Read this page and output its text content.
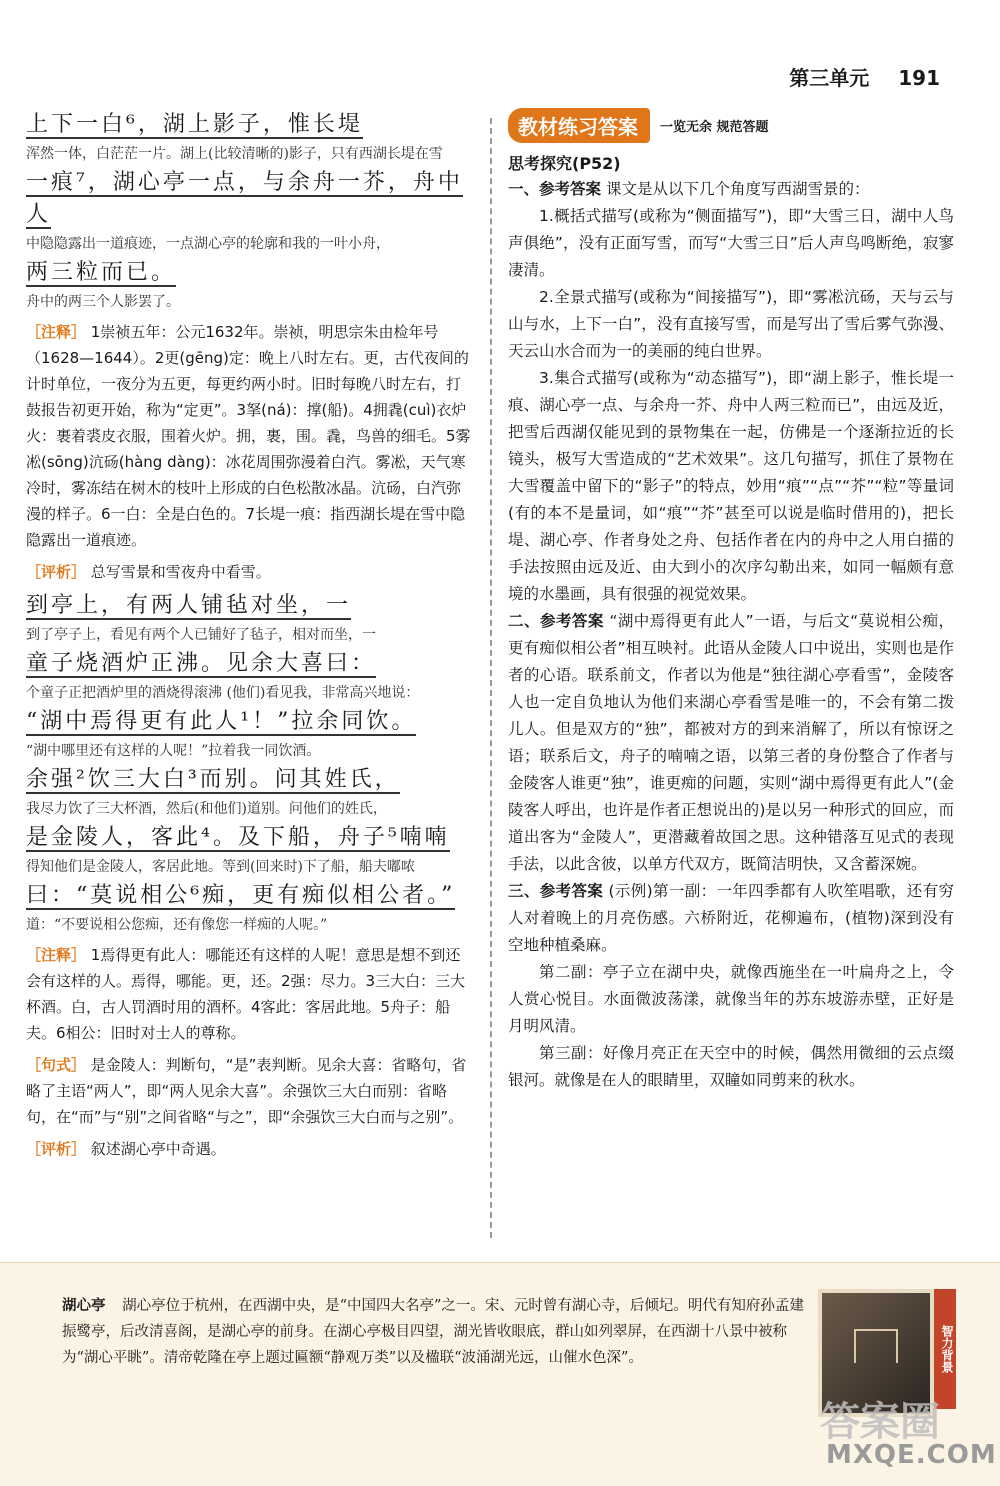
第三单元 191
上下一白⁶，湖上影子，惟长堤
浑然一体，白茫茫一片。湖上(比较清晰的)影子，只有西湖长堤在雪
一痕⁷，湖心亭一点，与余舟一芥，舟中人
中隐隐露出一道痕迹，一点湖心亭的轮廓和我的一叶小舟，
两三粒而已。
舟中的两三个人影罢了。

［注释］ 1崇祯五年：公元1632年。崇祯，明思宗朱由检年号（1628—1644）。2更(gēng)定：晚上八时左右。更，古代夜间的计时单位，一夜分为五更，每更约两小时。旧时每晚八时左右，打鼓报告初更开始，称为“定更”。3拏(ná)：撑(船)。4拥毳(cuì)衣炉火：裹着裘皮衣服，围着火炉。拥，裹，围。毳，鸟兽的细毛。5雾凇(sōng)沆砀(hàng dàng)：冰花周围弥漫着白汽。雾凇，天气寒冷时，雾冻结在树木的枝叶上形成的白色松散冰晶。沆砀，白汽弥漫的样子。6一白：全是白色的。7长堤一痕：指西湖长堤在雪中隐隐露出一道痕迹。

［评析］ 总写雪景和雪夜舟中看雪。

到亭上，有两人铺毡对坐，一
到了亭子上，看见有两个人已铺好了毡子，相对而坐，一
童子烧酒炉正沸。见余大喜曰：
个童子正把酒炉里的酒烧得滚沸 (他们)看见我，非常高兴地说：
“湖中焉得更有此人¹！”拉余同饮。
“湖中哪里还有这样的人呢！”拉着我一同饮酒。
余强²饮三大白³而别。问其姓氏，
我尽力饮了三大杯酒，然后(和他们)道别。问他们的姓氏，
是金陵人，客此⁴。及下船，舟子⁵喃喃
得知他们是金陵人，客居此地。等到(回来时)下了船，船夫嘟哝
曰：“莫说相公⁶痴，更有痴似相公者。”
道：“不要说相公您痴，还有像您一样痴的人呢。”

［注释］ 1焉得更有此人：哪能还有这样的人呢！意思是想不到还会有这样的人。焉得，哪能。更，还。2强：尽力。3三大白：三大杯酒。白，古人罚酒时用的酒杯。4客此：客居此地。5舟子：船夫。6相公：旧时对士人的尊称。

［句式］ 是金陵人：判断句，“是”表判断。见余大喜：省略句，省略了主语“两人”，即“两人见余大喜”。余强饮三大白而别：省略句，在“而”与“别”之间省略“与之”，即“余强饮三大白而与之别”。

［评析］ 叙述湖心亭中奇遇。

教材练习答案	一览无余 规范答题
思考探究(P52)

一、参考答案 课文是从以下几个角度写西湖雪景的：

1.概括式描写(或称为“侧面描写”)，即“大雪三日，湖中人鸟声俱绝”，没有正面写雪，而写“大雪三日”后人声鸟鸣断绝，寂寥凄清。

2.全景式描写(或称为“间接描写”)，即“雾凇沆砀，天与云与山与水，上下一白”，没有直接写雪，而是写出了雪后雾气弥漫、天云山水合而为一的美丽的纯白世界。

3.集合式描写(或称为“动态描写”)，即“湖上影子，惟长堤一痕、湖心亭一点、与余舟一芥、舟中人两三粒而已”，由远及近，把雪后西湖仅能见到的景物集在一起，仿佛是一个逐渐拉近的长镜头，极写大雪造成的“艺术效果”。这几句描写，抓住了景物在大雪覆盖中留下的“影子”的特点，妙用“痕”“点”“芥”“粒”等量词(有的本不是量词，如“痕”“芥”甚至可以说是临时借用的)，把长堤、湖心亭、作者身处之舟、包括作者在内的舟中之人用白描的手法按照由远及近、由大到小的次序勾勒出来，如同一幅颇有意境的水墨画，具有很强的视觉效果。

二、参考答案 “湖中焉得更有此人”一语，与后文“莫说相公痴，更有痴似相公者”相互映衬。此语从金陵人口中说出，实则也是作者的心语。联系前文，作者以为他是“独往湖心亭看雪”，金陵客人也一定自负地认为他们来湖心亭看雪是唯一的，不会有第二拨儿人。但是双方的“独”，都被对方的到来消解了，所以有惊讶之语；联系后文，舟子的喃喃之语，以第三者的身份整合了作者与金陵客人谁更“独”，谁更痴的问题，实则“湖中焉得更有此人”(金陵客人呼出，也许是作者正想说出的)是以另一种形式的回应，而道出客为“金陵人”，更潜藏着故国之思。这种错落互见式的表现手法，以此含彼，以单方代双方，既简洁明快，又含蓄深婉。

三、参考答案 (示例)第一副：一年四季都有人吹笙唱歌，还有穷人对着晚上的月亮伤感。六桥附近，花柳遍布，(植物)深到没有空地种植桑麻。

第二副：亭子立在湖中央，就像西施坐在一叶扁舟之上，令人赏心悦目。水面微波荡漾，就像当年的苏东坡游赤壁，正好是月明风清。

第三副：好像月亮正在天空中的时候，偶然用微细的云点缀银河。就像是在人的眼睛里，双瞳如同剪来的秋水。

湖心亭 湖心亭位于杭州，在西湖中央，是“中国四大名亭”之一。宋、元时曾有湖心寺，后倾圮。明代有知府孙孟建振鹭亭，后改清喜阁，是湖心亭的前身。在湖心亭极目四望，湖光皆收眼底，群山如列翠屏，在西湖十八景中被称为“湖心平眺”。清帝乾隆在亭上题过匾额“静观万类”以及楹联“波涌湖光远，山催水色深”。	智力背景
答案圈
MXQE.COM
